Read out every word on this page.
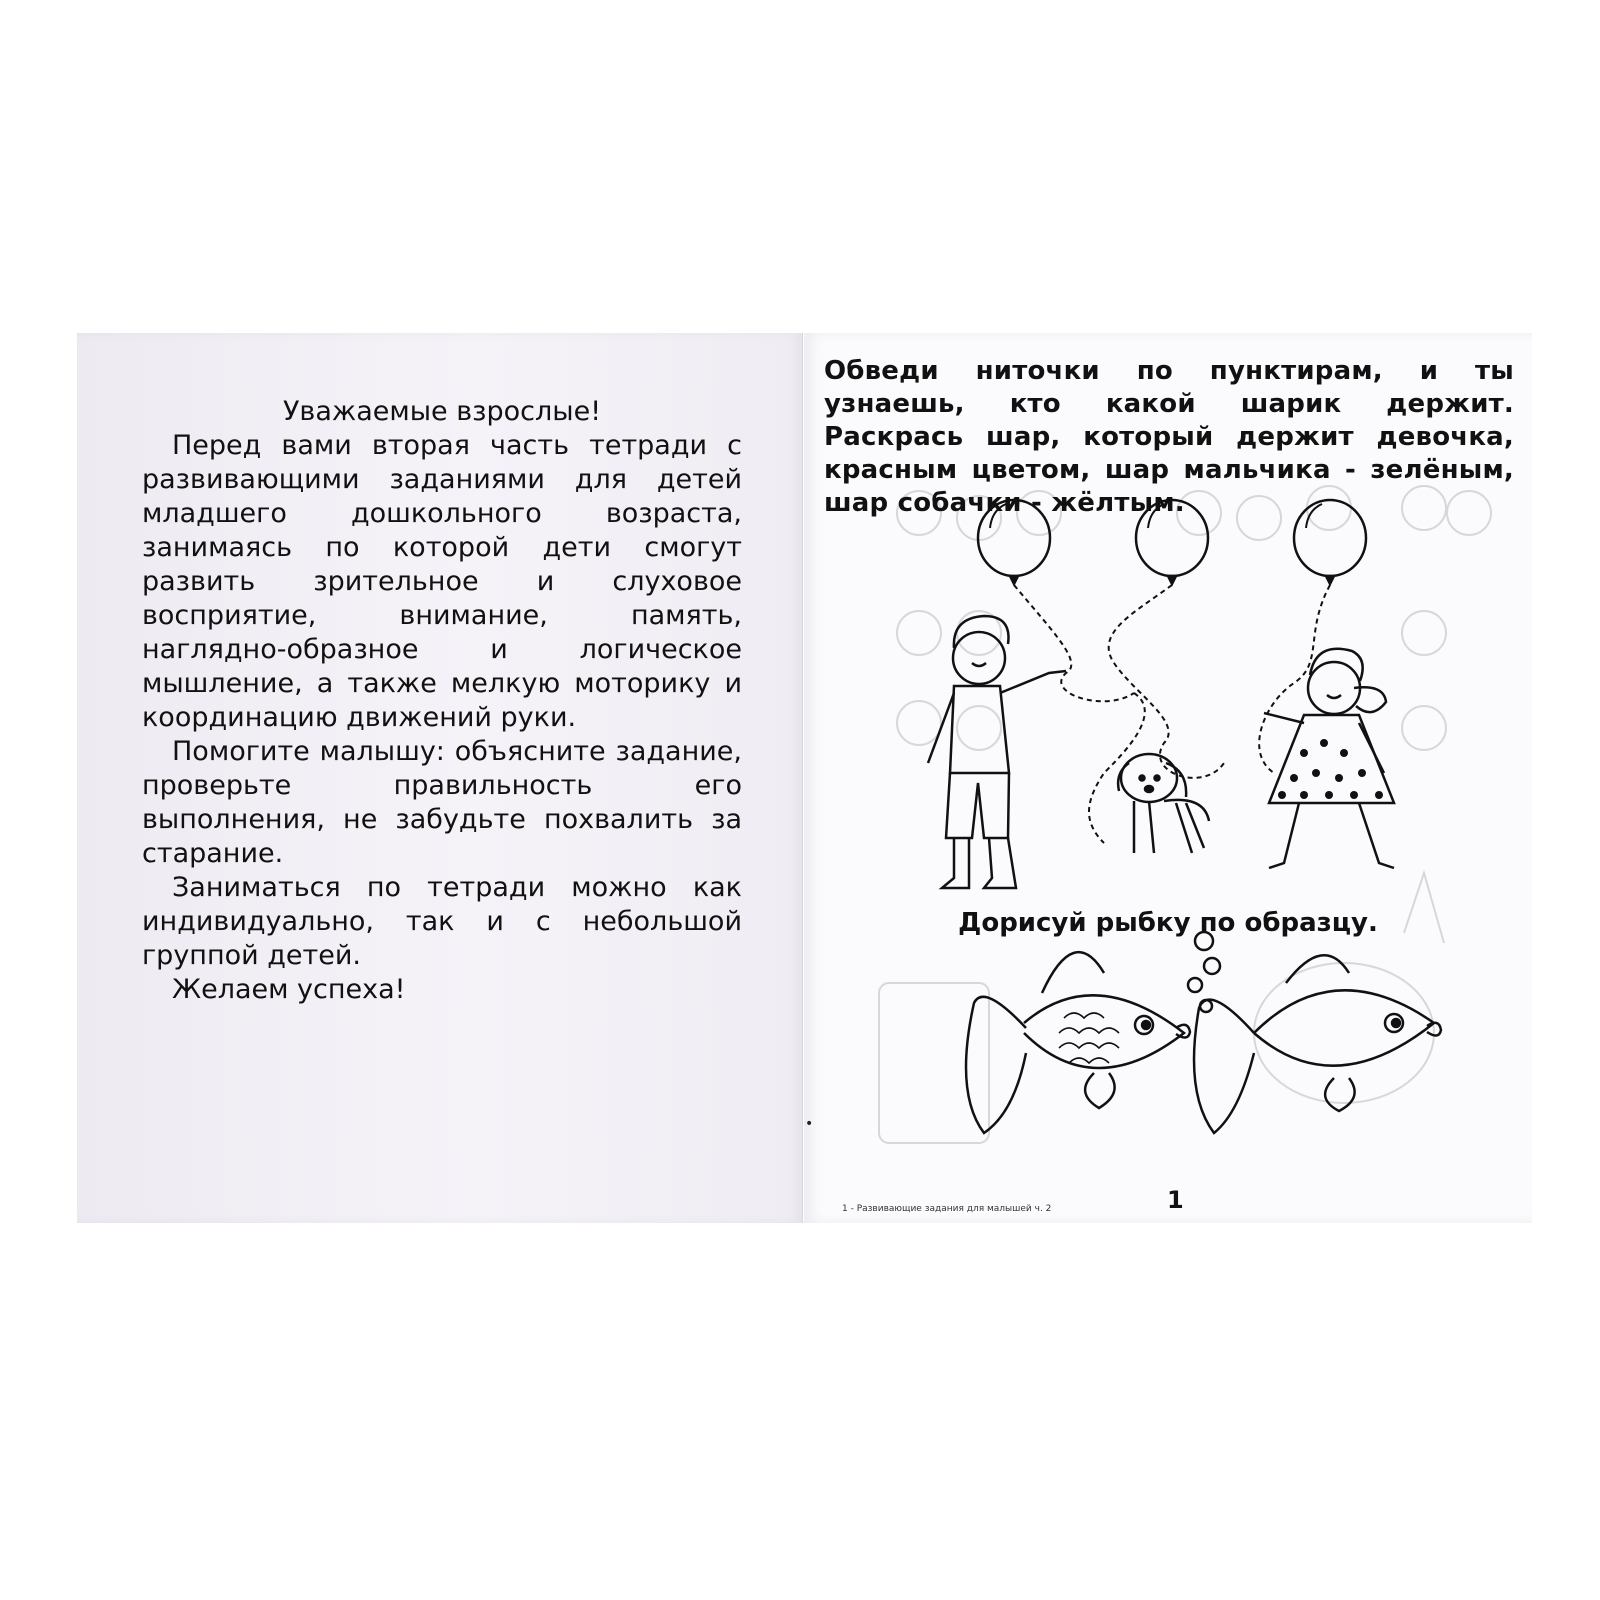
Уважаемые взрослые!

Перед вами вторая часть тетради с развивающими заданиями для детей младшего дошкольного возраста, занимаясь по которой дети смогут развить зрительное и слуховое восприятие, внимание, память, наглядно-образное и логическое мышление, а также мелкую моторику и координацию движений руки.

Помогите малышу: объясните задание, проверьте правильность его выполнения, не забудьте похвалить за старание.

Заниматься по тетради можно как индивидуально, так и с небольшой группой детей.

Желаем успеха!

Обведи ниточки по пунктирам, и ты узнаешь, кто какой шарик держит. Раскрась шар, который держит девочка, красным цветом, шар мальчика - зелёным, шар собачки - жёлтым.
Дорисуй рыбку по образцу.
•
1
1 - Развивающие задания для малышей ч. 2
